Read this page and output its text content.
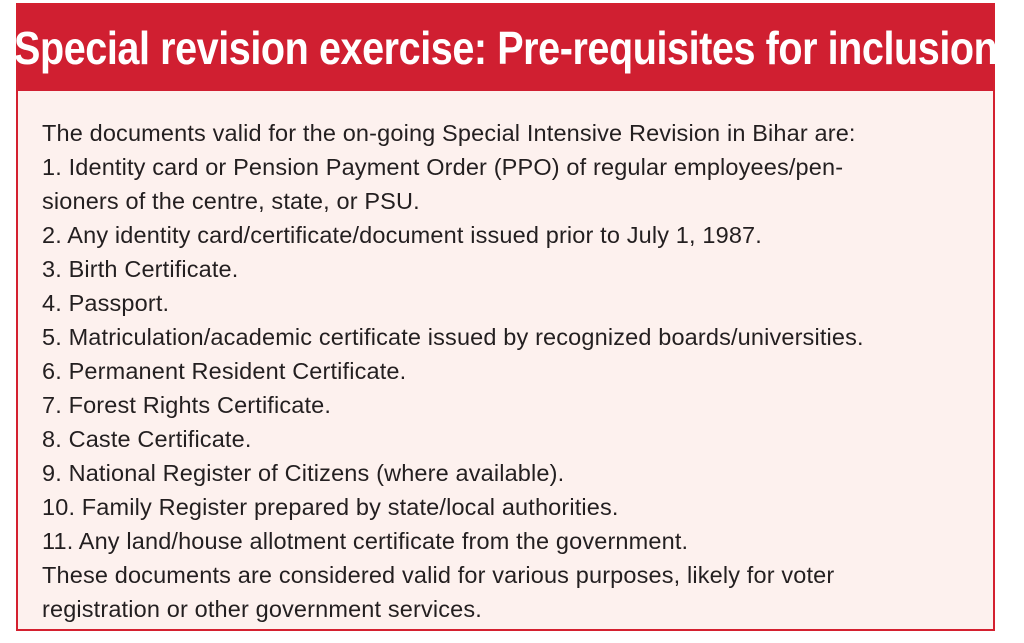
Special revision exercise: Pre-requisites for inclusion
The documents valid for the on-going Special Intensive Revision in Bihar are:
1. Identity card or Pension Payment Order (PPO) of regular employees/pen-
sioners of the centre, state, or PSU.
2. Any identity card/certificate/document issued prior to July 1, 1987.
3. Birth Certificate.
4. Passport.
5. Matriculation/academic certificate issued by recognized boards/universities.
6. Permanent Resident Certificate.
7. Forest Rights Certificate.
8. Caste Certificate.
9. National Register of Citizens (where available).
10. Family Register prepared by state/local authorities.
11. Any land/house allotment certificate from the government.
These documents are considered valid for various purposes, likely for voter
registration or other government services.
